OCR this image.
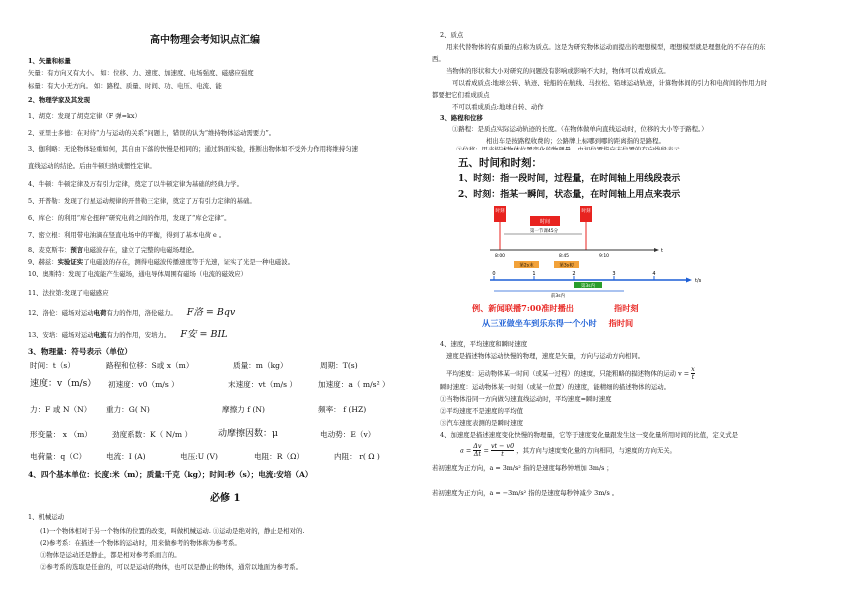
高中物理会考知识点汇编
1、矢量和标量
矢量：有方向又有大小。 如：位移、力、速度、加速度、电场强度、磁感应强度
标量：有大小无方向。 如：路程、质量、时间、功、电压、电流、能
2、物理学家及其发现
1、胡克：发现了胡克定律（F 弹=kx）
2、亚里士多德：在对待“力与运动的关系”问题上，错误的认为“维持物体运动需要力”。
3、伽利略：无论物体轻重如何，其自由下落的快慢是相同的；通过斜面实验，推断出物体如不受外力作用将维持匀速
直线运动的结论。后由牛顿归纳成惯性定律。
4、牛顿：牛顿定律及万有引力定律，奠定了以牛顿定律为基础的经典力学。
5、开普勒：发现了行星运动规律的开普勒三定律，奠定了万有引力定律的基础。
6、库仑：的利用“库仑扭秤”研究电荷之间的作用，发现了“库仑定律”。
7、密立根：利用带电油滴在竖直电场中的平衡，得到了基本电荷 e 。
8、麦克斯韦：预言电磁波存在，建立了完整的电磁场理论。
9、赫兹：实验证实了电磁波的存在，测得电磁波传播速度等于光速，证实了光是一种电磁波。
10、奥斯特：发现了电流能产生磁场，通电导体周围有磁场（电流的磁效应）
11、法拉第:发现了电磁感应
12、洛伦：磁场对运动电荷有力的作用，洛伦磁力。 F洛 = Bqv
13、安培：磁场对运动电流有力的作用，安培力。 F安 = BIL
3、物理量：符号表示（单位）
时间：t（s）	路程和位移：S或 x（m）	质量：m（kg）	周期：T(s)
速度：v（m/s） 初速度：v0（m/s ）	末速度：vt（m/s ）	加速度：a（ m/s² ）
力：F 或 N（N） 重力：G( N)	摩擦力 f (N)	频率： f (HZ)
形变量： x （m）	劲度系数：K（ N/m ）	动摩擦因数：μ	电动势：E（v）
电荷量：q（C）	电流：I (A)	电压:U (V)	电阻：R（Ω）	内阻： r( Ω )
4、四个基本单位：长度:米（m）；质量:千克（kg）；时间:秒（s）；电流:安培（A）
必修 1
1、机械运动
(1)一个物体相对于另一个物体的位置的改变，叫做机械运动. ①运动是绝对的，静止是相对的.
(2)参考系：在描述一个物体的运动时，用来做参考的物体称为参考系。
①物体是运动还是静止，都是相对参考系而言的。
②参考系的选取是任意的，可以是运动的物体，也可以是静止的物体，通常以地面为参考系。
2、质点
用来代替物体的有质量的点称为质点。这是为研究物体运动而提出的理想模型，理想模型就是理想化的不存在的东
西。
当物体的形状和大小对研究的问题没有影响或影响不大时，物体可以看成质点。
可以看成质点:地球公转、轨迹、轮船的在航线、马拉松、铅球运动轨迹，计算物体间的引力和电荷间的作用力时
都要把它们看成质点
不可以看成质点:地球自转、动作
3、路程和位移
①路程：是质点实际运动轨迹的长度。（在物体做单向直线运动时，位移的大小等于路程。）
相出车是按路程收费的；公路牌上标哪到哪的距离指的是路程。
五、时间和时刻：
1、时刻：指一段时间，过程量，在时间轴上用线段表示
2、时刻：指某一瞬间，状态量，在时间轴上用点来表示
时刻
时间
时刻
第一节课45分
t
8:00	8:45	9:10
t/s
0	1	2	3	4
第2s末	第3s初
第3s内
前3s内
例、新闻联播7:00准时播出	指时刻
从三亚做坐车到乐东得一个小时 指时间
4、速度，平均速度和瞬时速度
速度是描述物体运动快慢的物理，速度是矢量，方向与运动方向相同。
平均速度：运动物体某一时间（或某一过程）的速度，只能粗略的描述物体的运动 $v = \frac{x}{t}$
瞬时速度：运动物体某一时刻（或某一位置）的速度，能精细的描述物体的运动。
①当物体沿同一方向做匀速直线运动时，平均速度=瞬时速度
②平均速度不是速度的平均值
③汽车速度表测的是瞬时速度
4、加速度是描述速度变化快慢的物理量，它等于速度变化量跟发生这一变化量所用时间的比值，定义式是
$a = \frac{\Delta v}{\Delta t} = \frac{vt - v0}{t}$ ，其方向与速度变化量的方向相同，与速度的方向无关。
若初速度为正方向，a = 3m/s² 指的是速度每秒钟增加 3m/s ；
若初速度为正方向，a = −3m/s² 指的是速度每秒钟减少 3m/s 。
